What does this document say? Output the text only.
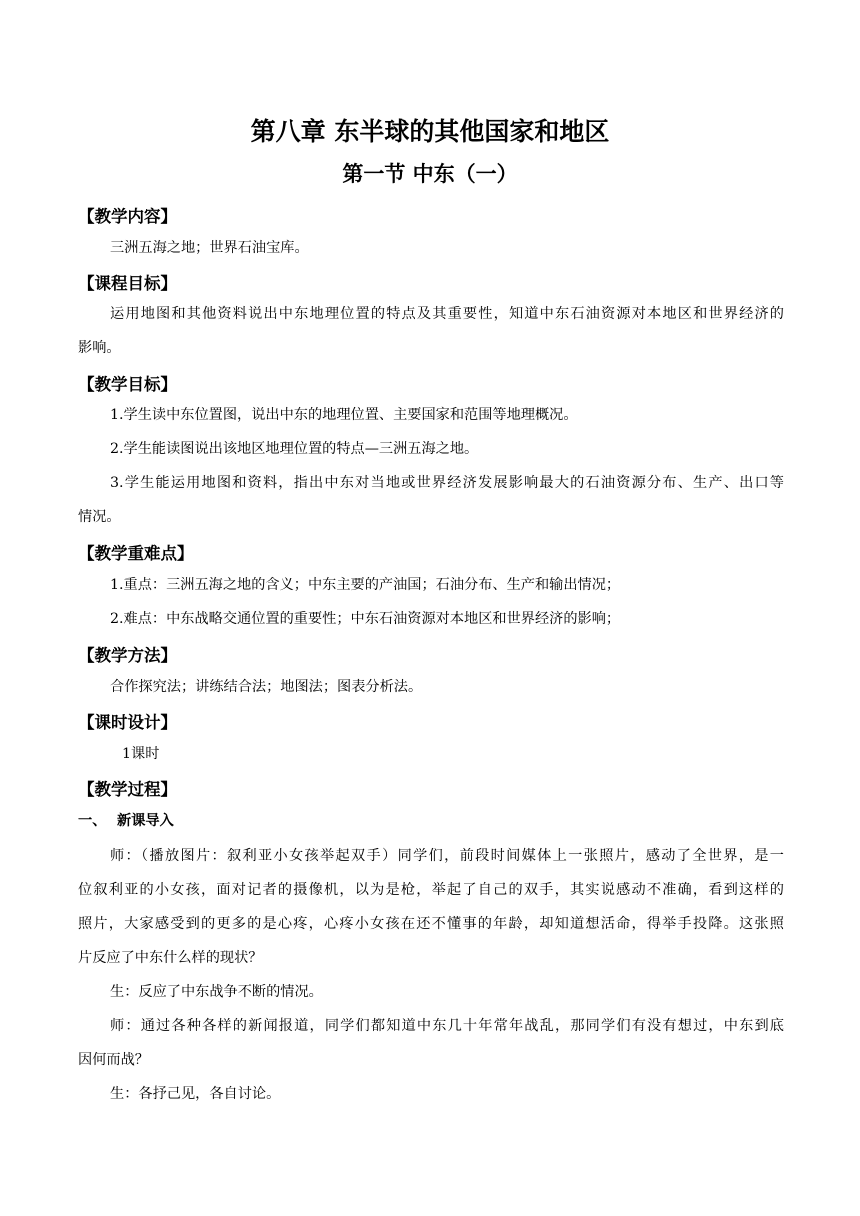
第八章 东半球的其他国家和地区
第一节 中东（一）
【教学内容】
三洲五海之地；世界石油宝库。
【课程目标】
运用地图和其他资料说出中东地理位置的特点及其重要性，知道中东石油资源对本地区和世界经济的
影响。
【教学目标】
1.学生读中东位置图，说出中东的地理位置、主要国家和范围等地理概况。
2.学生能读图说出该地区地理位置的特点—三洲五海之地。
3.学生能运用地图和资料，指出中东对当地或世界经济发展影响最大的石油资源分布、生产、出口等
情况。
【教学重难点】
1.重点：三洲五海之地的含义；中东主要的产油国；石油分布、生产和输出情况；
2.难点：中东战略交通位置的重要性；中东石油资源对本地区和世界经济的影响；
【教学方法】
合作探究法；讲练结合法；地图法；图表分析法。
【课时设计】
1课时
【教学过程】
一、 新课导入
师：（播放图片：叙利亚小女孩举起双手）同学们，前段时间媒体上一张照片，感动了全世界，是一
位叙利亚的小女孩，面对记者的摄像机，以为是枪，举起了自己的双手，其实说感动不准确，看到这样的
照片，大家感受到的更多的是心疼，心疼小女孩在还不懂事的年龄，却知道想活命，得举手投降。这张照
片反应了中东什么样的现状？
生：反应了中东战争不断的情况。
师：通过各种各样的新闻报道，同学们都知道中东几十年常年战乱，那同学们有没有想过，中东到底
因何而战？
生：各抒己见，各自讨论。
